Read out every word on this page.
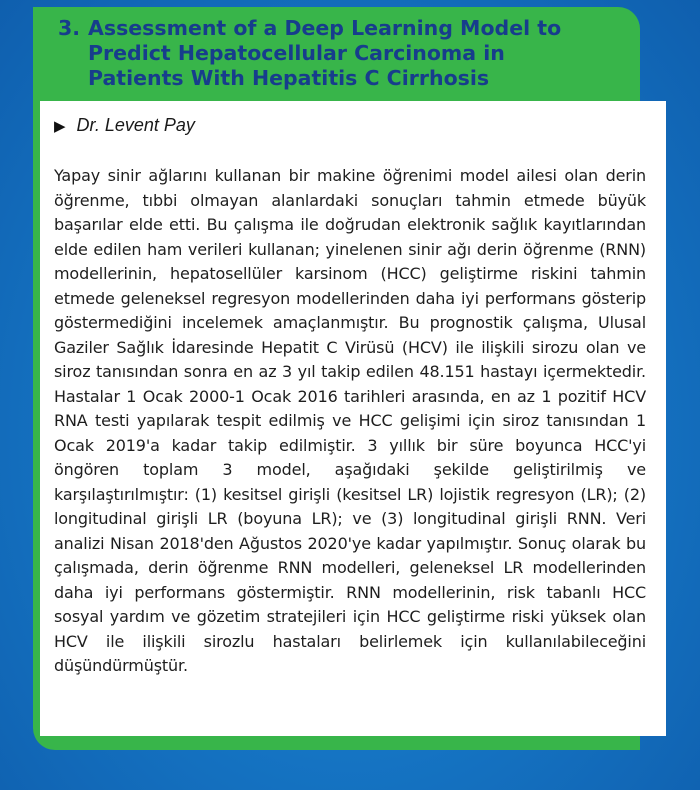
3. Assessment of a Deep Learning Model to
Predict Hepatocellular Carcinoma in
Patients With Hepatitis C Cirrhosis
▶ Dr. Levent Pay

Yapay sinir ağlarını kullanan bir makine öğrenimi model ailesi olan derin öğrenme, tıbbi olmayan alanlardaki sonuçları tahmin etmede büyük başarılar elde etti. Bu çalışma ile doğrudan elektronik sağlık kayıtlarından elde edilen ham verileri kullanan; yinelenen sinir ağı derin öğrenme (RNN) modellerinin, hepatosellüler karsinom (HCC) geliştirme riskini tahmin etmede geleneksel regresyon modellerinden daha iyi performans gösterip göstermediğini incelemek amaçlanmıştır. Bu prognostik çalışma, Ulusal Gaziler Sağlık İdaresinde Hepatit C Virüsü (HCV) ile ilişkili sirozu olan ve siroz tanısından sonra en az 3 yıl takip edilen 48.151 hastayı içermektedir. Hastalar 1 Ocak 2000-1 Ocak 2016 tarihleri arasında, en az 1 pozitif HCV RNA testi yapılarak tespit edilmiş ve HCC gelişimi için siroz tanısından 1 Ocak 2019'a kadar takip edilmiştir. 3 yıllık bir süre boyunca HCC'yi öngören toplam 3 model, aşağıdaki şekilde geliştirilmiş ve karşılaştırılmıştır: (1) kesitsel girişli (kesitsel LR) lojistik regresyon (LR); (2) longitudinal girişli LR (boyuna LR); ve (3) longitudinal girişli RNN. Veri analizi Nisan 2018'den Ağustos 2020'ye kadar yapılmıştır. Sonuç olarak bu çalışmada, derin öğrenme RNN modelleri, geleneksel LR modellerinden daha iyi performans göstermiştir. RNN modellerinin, risk tabanlı HCC sosyal yardım ve gözetim stratejileri için HCC geliştirme riski yüksek olan HCV ile ilişkili sirozlu hastaları belirlemek için kullanılabileceğini düşündürmüştür.
